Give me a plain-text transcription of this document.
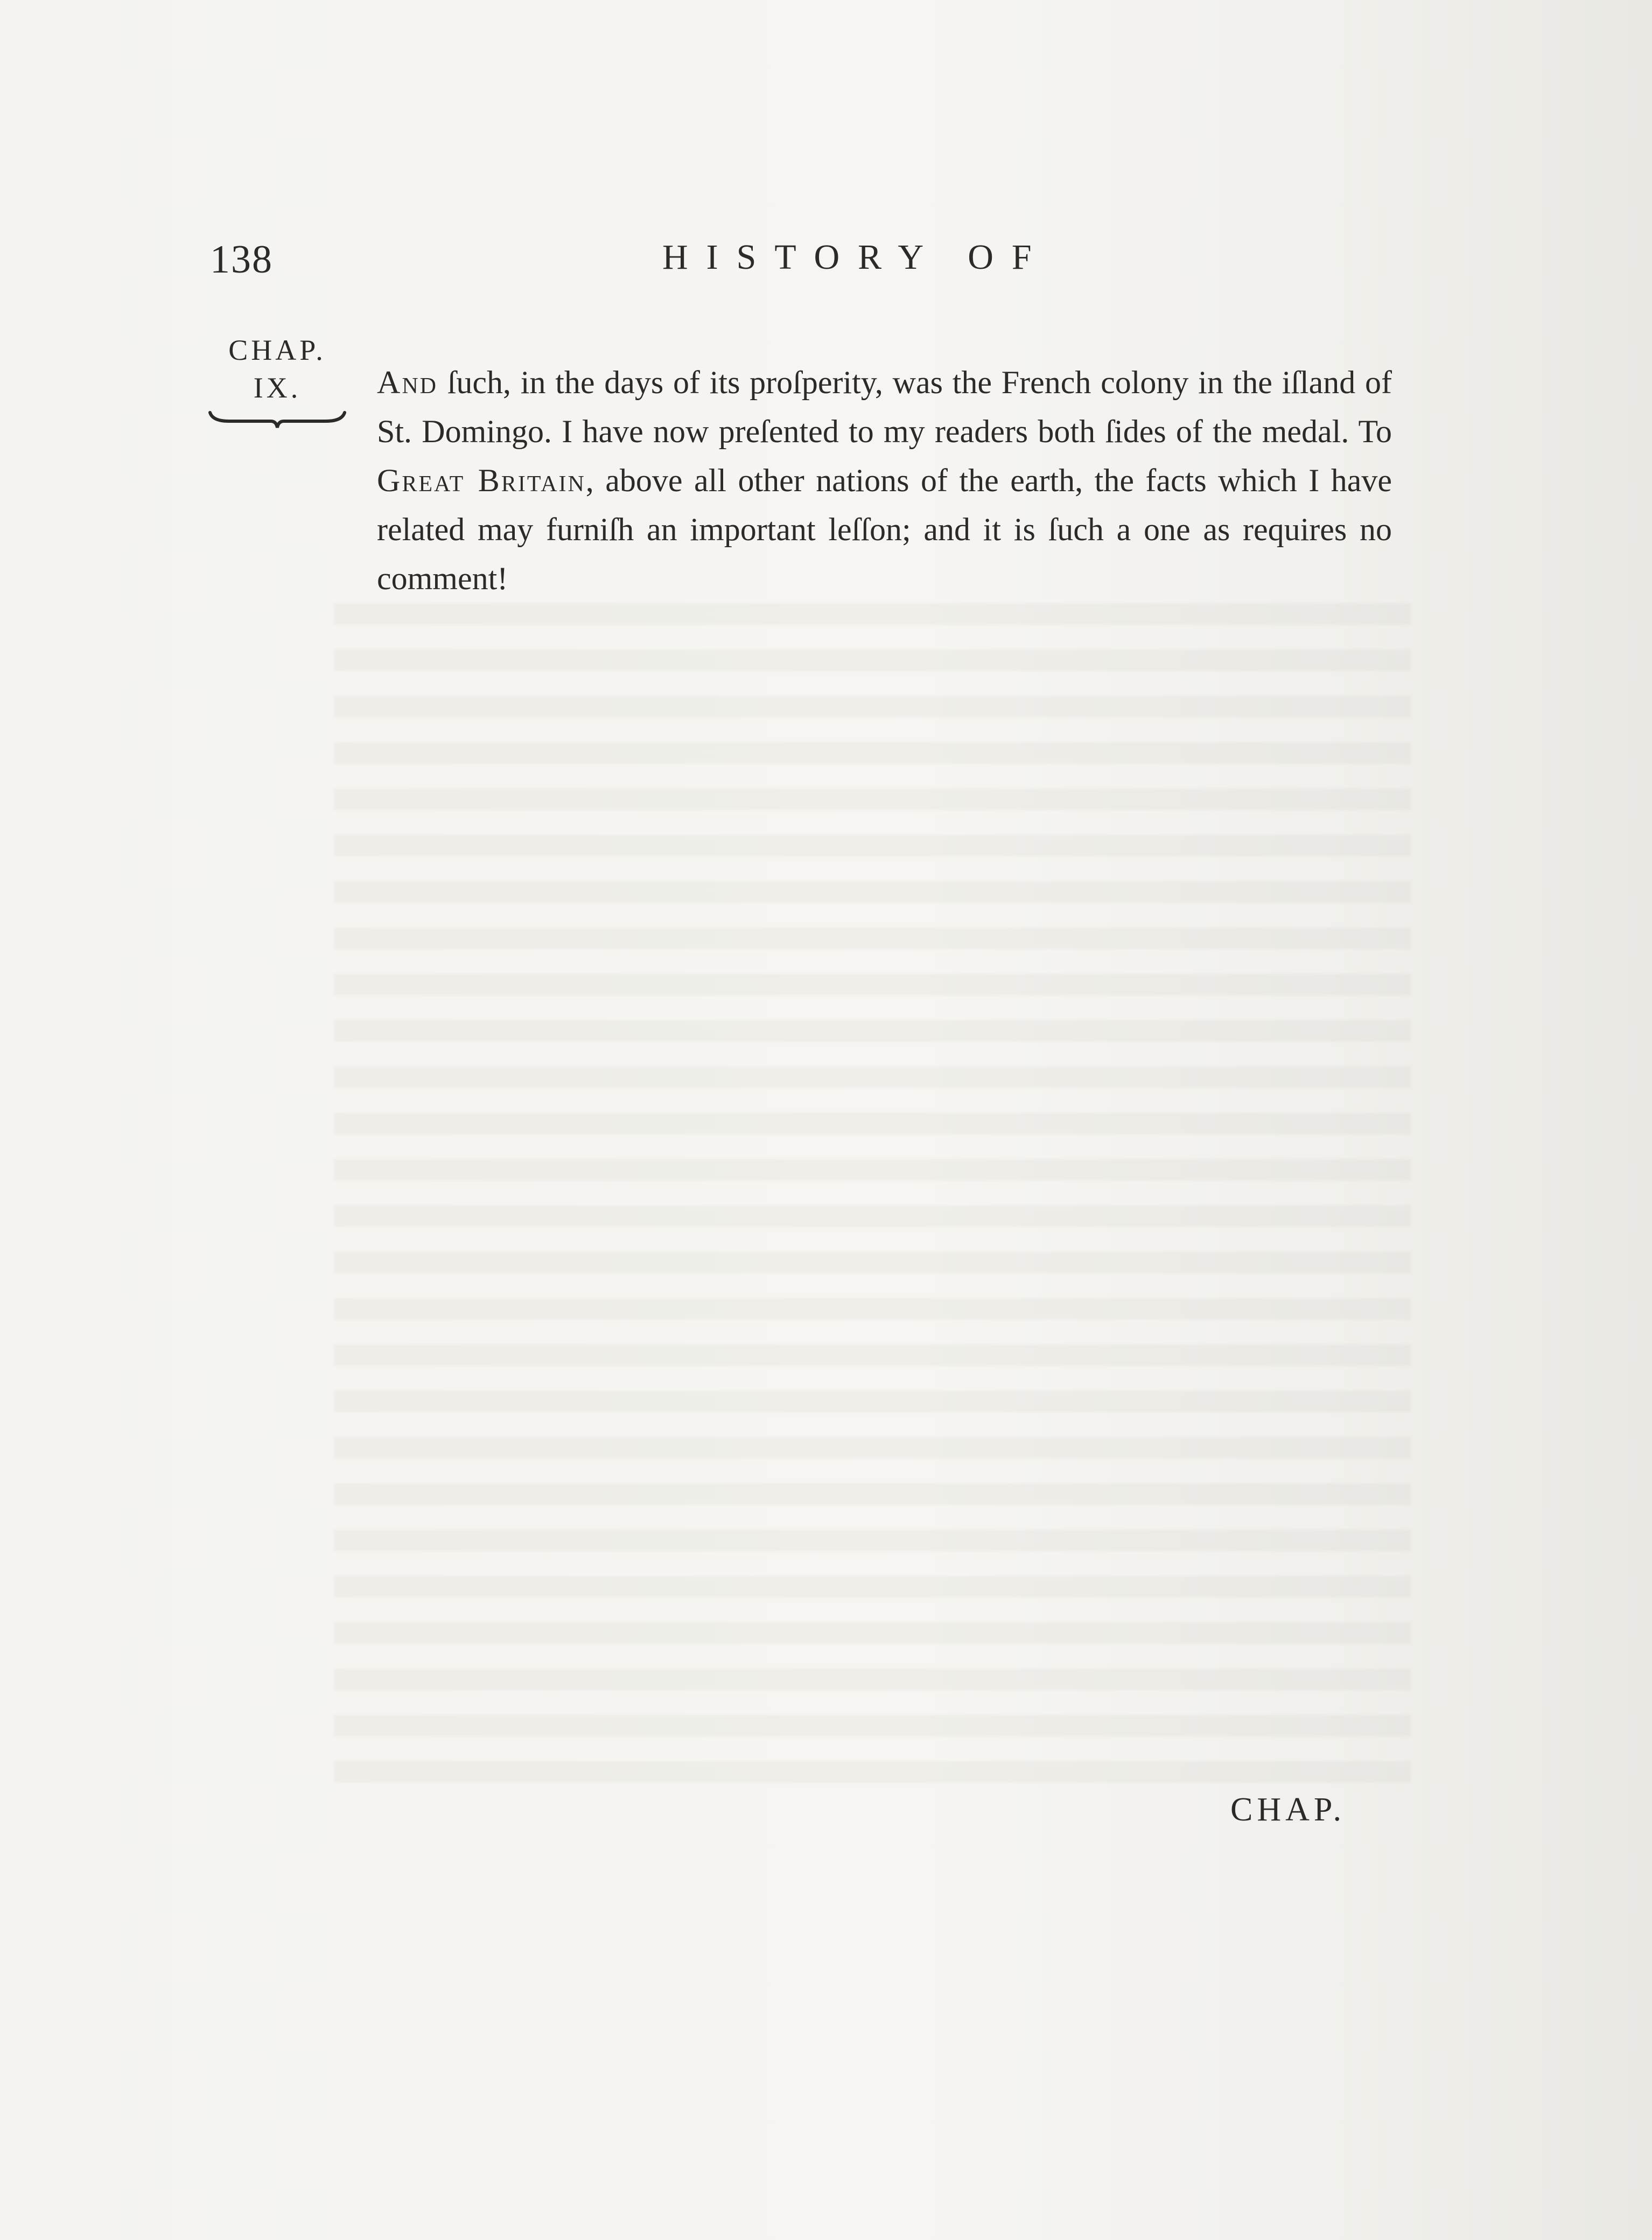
138	HISTORY OF
CHAP.
IX.	And ſuch, in the days of its proſperity, was the French colony in the iſland of St. Domingo. I have now preſented to my readers both ſides of the medal. To Great Britain, above all other nations of the earth, the facts which I have related may furniſh an important leſſon; and it is ſuch a one as requires no comment!

CHAP.
